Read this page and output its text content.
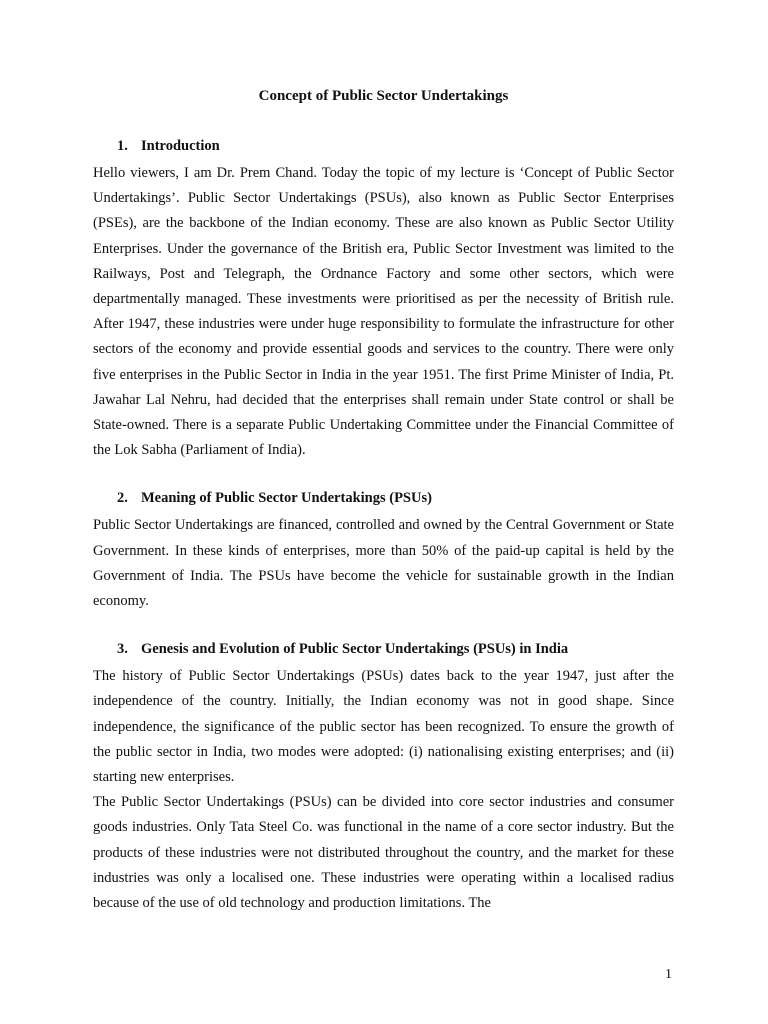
Concept of Public Sector Undertakings
1. Introduction

Hello viewers, I am Dr. Prem Chand. Today the topic of my lecture is ‘Concept of Public Sector Undertakings’. Public Sector Undertakings (PSUs), also known as Public Sector Enterprises (PSEs), are the backbone of the Indian economy. These are also known as Public Sector Utility Enterprises. Under the governance of the British era, Public Sector Investment was limited to the Railways, Post and Telegraph, the Ordnance Factory and some other sectors, which were departmentally managed. These investments were prioritised as per the necessity of British rule. After 1947, these industries were under huge responsibility to formulate the infrastructure for other sectors of the economy and provide essential goods and services to the country. There were only five enterprises in the Public Sector in India in the year 1951. The first Prime Minister of India, Pt. Jawahar Lal Nehru, had decided that the enterprises shall remain under State control or shall be State-owned. There is a separate Public Undertaking Committee under the Financial Committee of the Lok Sabha (Parliament of India).

2. Meaning of Public Sector Undertakings (PSUs)

Public Sector Undertakings are financed, controlled and owned by the Central Government or State Government. In these kinds of enterprises, more than 50% of the paid-up capital is held by the Government of India. The PSUs have become the vehicle for sustainable growth in the Indian economy.

3. Genesis and Evolution of Public Sector Undertakings (PSUs) in India

The history of Public Sector Undertakings (PSUs) dates back to the year 1947, just after the independence of the country. Initially, the Indian economy was not in good shape. Since independence, the significance of the public sector has been recognized. To ensure the growth of the public sector in India, two modes were adopted: (i) nationalising existing enterprises; and (ii) starting new enterprises.

The Public Sector Undertakings (PSUs) can be divided into core sector industries and consumer goods industries. Only Tata Steel Co. was functional in the name of a core sector industry. But the products of these industries were not distributed throughout the country, and the market for these industries was only a localised one. These industries were operating within a localised radius because of the use of old technology and production limitations. The

1
